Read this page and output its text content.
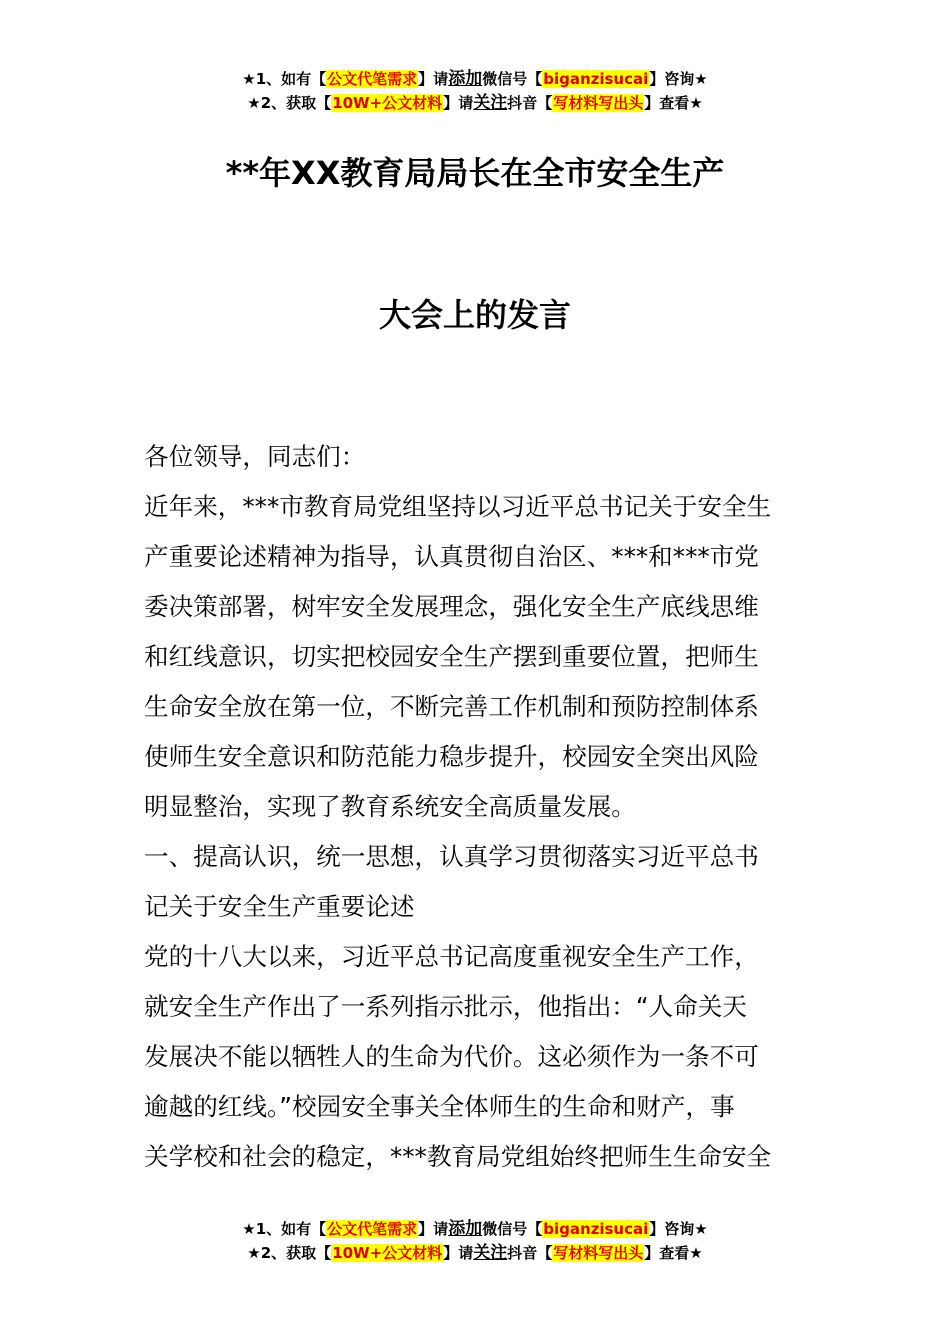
★1、如有【公文代笔需求】请添加微信号【biganzisucai】咨询★
★2、获取【10W+公文材料】请关注抖音【写材料写出头】查看★
**年XX教育局局长在全市安全生产
大会上的发言
各位领导，同志们：
近年来，***市教育局党组坚持以习近平总书记关于安全生
产重要论述精神为指导，认真贯彻自治区、***和***市党
委决策部署，树牢安全发展理念，强化安全生产底线思维
和红线意识，切实把校园安全生产摆到重要位置，把师生
生命安全放在第一位，不断完善工作机制和预防控制体系
使师生安全意识和防范能力稳步提升，校园安全突出风险
明显整治，实现了教育系统安全高质量发展。
一、提高认识，统一思想，认真学习贯彻落实习近平总书
记关于安全生产重要论述
党的十八大以来，习近平总书记高度重视安全生产工作，
就安全生产作出了一系列指示批示，他指出：“人命关天
发展决不能以牺牲人的生命为代价。这必须作为一条不可
逾越的红线。”校园安全事关全体师生的生命和财产，事
关学校和社会的稳定，***教育局党组始终把师生生命安全
★1、如有【公文代笔需求】请添加微信号【biganzisucai】咨询★
★2、获取【10W+公文材料】请关注抖音【写材料写出头】查看★
